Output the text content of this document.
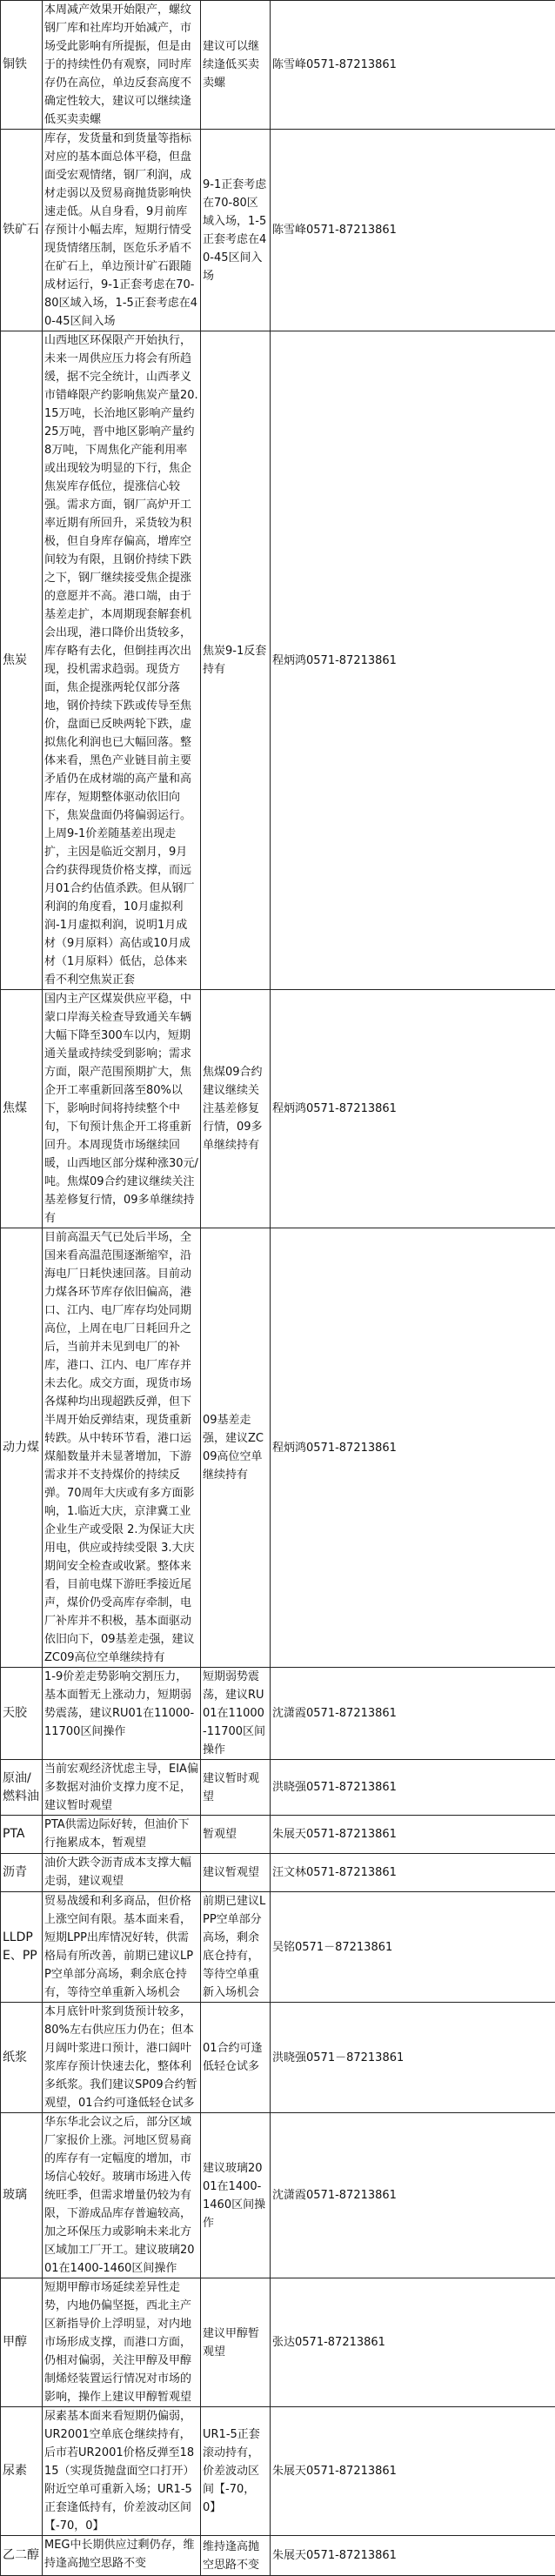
铜铁	本周减产效果开始限产，螺纹钢厂库和社库均开始减产，市场受此影响有所提振，但是由于的持续性仍有观察，同时库存仍在高位，单边反套高度不确定性较大，建议可以继续逢低买卖卖螺	建议可以继续逢低买卖卖螺	陈雪峰0571-87213861
铁矿石	库存，发货量和到货量等指标对应的基本面总体平稳，但盘面受宏观情绪，钢厂利润，成材走弱以及贸易商抛货影响快速走低。从自身看，9月前库存预计小幅去库，短期行情受现货情绪压制，医危乐矛盾不在矿石上，单边预计矿石跟随成材运行，9-1正套考虑在70-80区域入场，1-5正套考虑在40-45区间入场	9-1正套考虑在70-80区域入场，1-5正套考虑在40-45区间入场	陈雪峰0571-87213861
焦炭	山西地区环保限产开始执行，未来一周供应压力将会有所趋缓，据不完全统计，山西孝义市错峰限产约影响焦炭产量20.15万吨，长治地区影响产量约25万吨，晋中地区影响产量约8万吨，下周焦化产能利用率或出现较为明显的下行，焦企焦炭库存低位，提涨信心较强。需求方面，钢厂高炉开工率近期有所回升，采货较为积极，但自身库存偏高，增库空间较为有限，且钢价持续下跌之下，钢厂继续接受焦企提涨的意愿并不高。港口端，由于基差走扩，本周期现套解套机会出现，港口降价出货较多，库存略有去化，但倒挂再次出现，投机需求趋弱。现货方面，焦企提涨两轮仅部分落地，钢价持续下跌或传导至焦价，盘面已反映两轮下跌，虚拟焦化利润也已大幅回落。整体来看，黑色产业链目前主要矛盾仍在成材端的高产量和高库存，短期整体驱动依旧向下，焦炭盘面仍将偏弱运行。上周9-1价差随基差出现走扩，主因是临近交割月，9月合约获得现货价格支撑，而远月01合约估值杀跌。但从钢厂利润的角度看，10月虚拟利润-1月虚拟利润，说明1月成材（9月原料）高估或10月成材（1月原料）低估，总体来看不利空焦炭正套	焦炭9-1反套持有	程炳鸿0571-87213861
焦煤	国内主产区煤炭供应平稳，中蒙口岸海关检查导致通关车辆大幅下降至300车以内，短期通关量或持续受到影响；需求方面，限产范围预期扩大，焦企开工率重新回落至80%以下，影响时间将持续整个中旬，下旬预计焦企开工将重新回升。本周现货市场继续回暖，山西地区部分煤种涨30元/吨。焦煤09合约建议继续关注基差修复行情，09多单继续持有	焦煤09合约建议继续关注基差修复行情，09多单继续持有	程炳鸿0571-87213861
动力煤	目前高温天气已处后半场，全国来看高温范围逐渐缩窄，沿海电厂日耗快速回落。目前动力煤各环节库存依旧偏高，港口、江内、电厂库存均处同期高位，上周在电厂日耗回升之后，当前并未见到电厂的补库，港口、江内、电厂库存并未去化。成交方面，现货市场各煤种均出现超跌反弹，但下半周开始反弹结束，现货重新转跌。从中转环节看，港口运煤船数量并未显著增加，下游需求并不支持煤价的持续反弹。70周年大庆或有多方面影响，1.临近大庆，京津冀工业企业生产或受限 2.为保证大庆用电，供应或持续受限 3.大庆期间安全检查或收紧。整体来看，目前电煤下游旺季接近尾声，煤价仍受高库存牵制，电厂补库并不积极，基本面驱动依旧向下，09基差走强，建议ZC09高位空单继续持有	09基差走强，建议ZC09高位空单继续持有	程炳鸿0571-87213861
天胶	1-9价差走势影响交割压力，基本面暂无上涨动力，短期弱势震荡，建议RU01在11000-11700区间操作	短期弱势震荡，建议RU01在11000-11700区间操作	沈潇霞0571-87213861
原油/燃料油	当前宏观经济忧虑主导，EIA偏多数据对油价支撑力度不足，建议暂时观望	建议暂时观望	洪晓强0571-87213861
PTA	PTA供需边际好转，但油价下行拖累成本，暂观望	暂观望	朱展天0571-87213861
沥青	油价大跌令沥青成本支撑大幅走弱，建议观望	建议暂观望	汪文林0571-87213861
LLDPE、PP	贸易战缓和利多商品，但价格上涨空间有限。基本面来看，短期LPP出库情况好转，供需格局有所改善，前期已建议LPP空单部分高场，剩余底仓持有，等待空单重新入场机会	前期已建议LPP空单部分高场，剩余底仓持有，等待空单重新入场机会	吴铭0571－87213861
纸浆	本月底针叶浆到货预计较多，80%左右供应压力仍在；但本月阔叶浆进口预计，港口阔叶浆库存预计快速去化，整体利多纸浆。我们建议SP09合约暂观望，01合约可逢低轻仓试多	01合约可逢低轻仓试多	洪晓强0571－87213861
玻璃	华东华北会议之后，部分区域厂家报价上涨。河地区贸易商的库存有一定幅度的增加，市场信心较好。玻璃市场进入传统旺季，但需求增量仍较为有限，下游成品库存普遍较高，加之环保压力或影响未来北方区域加工厂开工。建议玻璃2001在1400-1460区间操作	建议玻璃2001在1400-1460区间操作	沈潇霞0571-87213861
甲醇	短期甲醇市场延续差异性走势，内地仍偏坚挺，西北主产区新指导价上浮明显，对内地市场形成支撑，而港口方面，仍相对偏弱，关注甲醇及甲醇制烯烃装置运行情况对市场的影响，操作上建议甲醇暂观望	建议甲醇暂观望	张达0571-87213861
尿素	尿素基本面来看短期仍偏弱，UR2001空单底仓继续持有，后市若UR2001价格反弹至1815（实现货抛盘面空口打开）附近空单可重新入场；UR1-5正套逢低持有，价差波动区间【-70，0】	UR1-5正套滚动持有，价差波动区间【-70，0】	朱展天0571-87213861
乙二醇	MEG中长期供应过剩仍存，维持逢高抛空思路不变	维持逢高抛空思路不变	朱展天0571-87213861
